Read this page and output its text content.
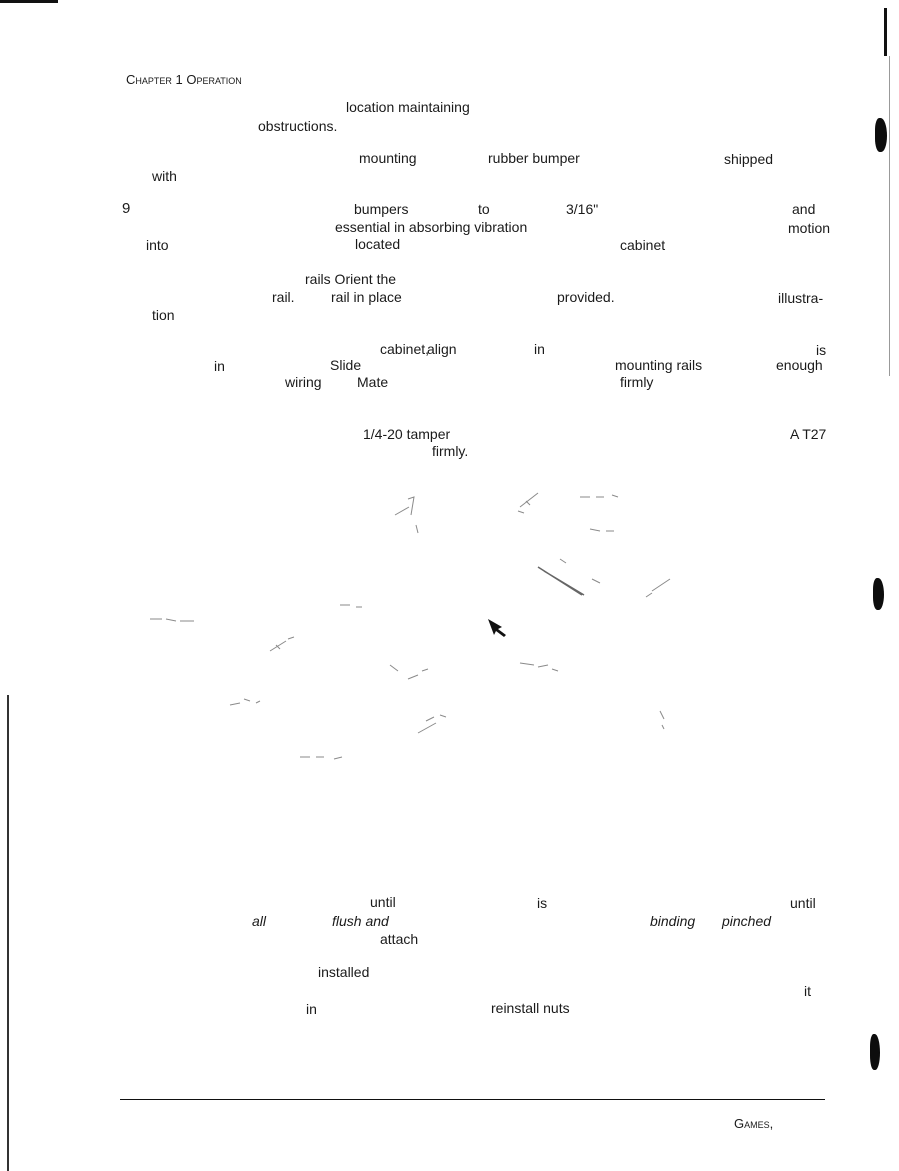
Chapter 1 Operation
location maintaining
obstructions.
mounting	rubber bumper	shipped
with
9	bumpers	to	3/16"	and
essential in absorbing vibration	motion
into	located	cabinet
rails Orient the
rail.	rail in place	provided.	illustra-
tion
cabinet,
align	in	is
in	Slide	mounting rails	enough
wiring	Mate	firmly
1/4-20 tamper	A T27
firmly.
until	is	until
all	flush and	binding pinched
attach
installed
it
in	reinstall nuts
Games,
